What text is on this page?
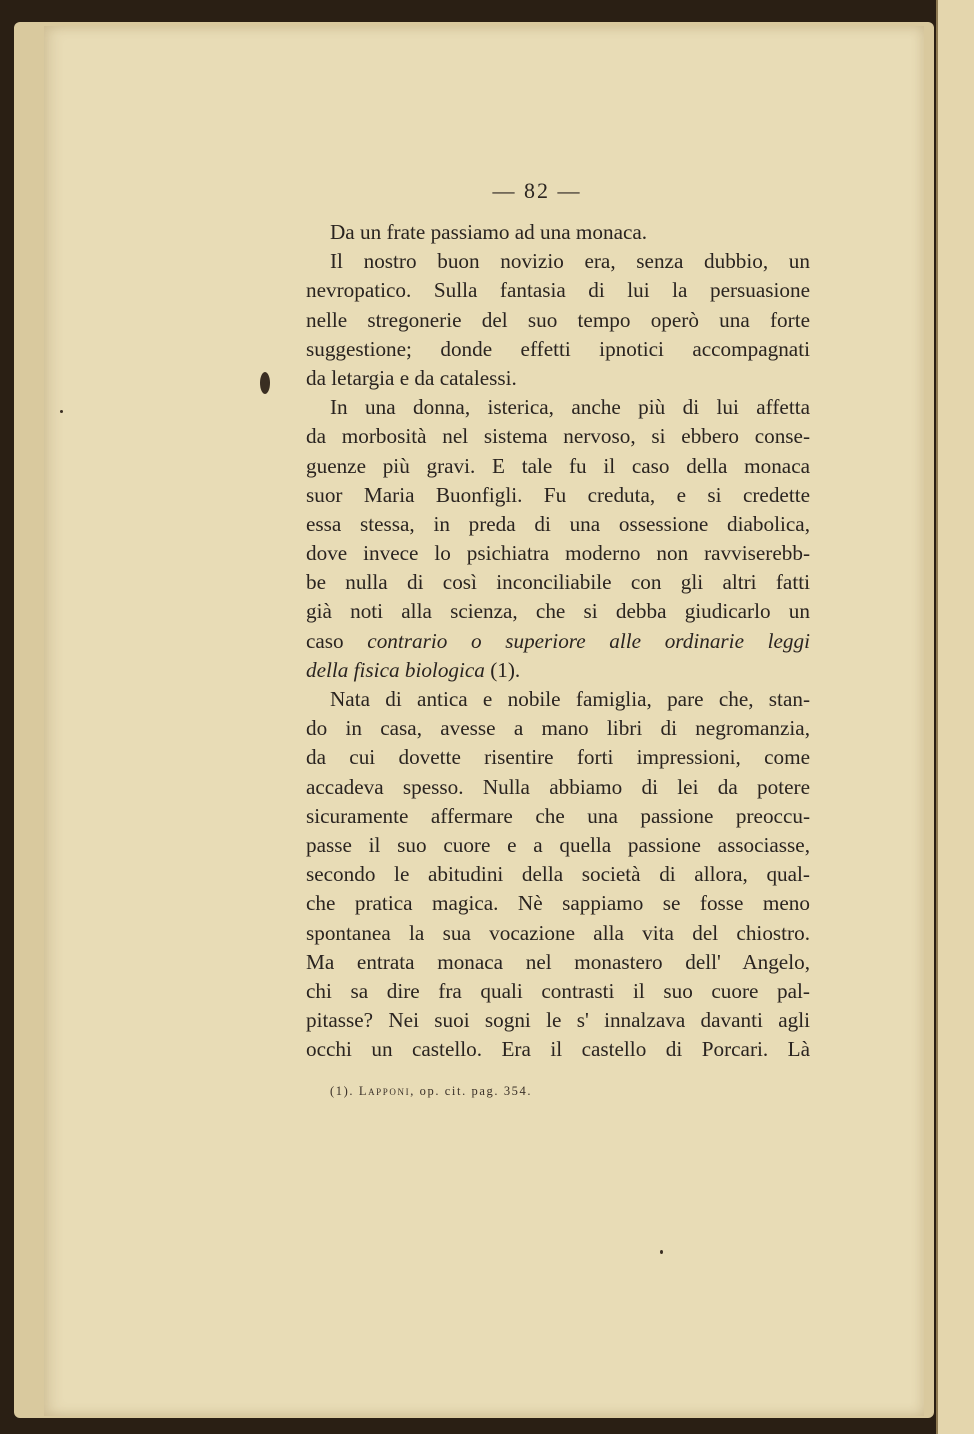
— 82 —
Da un frate passiamo ad una monaca.
Il nostro buon novizio era, senza dubbio, un
nevropatico. Sulla fantasia di lui la persuasione
nelle stregonerie del suo tempo operò una forte
suggestione; donde effetti ipnotici accompagnati
da letargia e da catalessi.
In una donna, isterica, anche più di lui affetta
da morbosità nel sistema nervoso, si ebbero conse-
guenze più gravi. E tale fu il caso della monaca
suor Maria Buonfigli. Fu creduta, e si credette
essa stessa, in preda di una ossessione diabolica,
dove invece lo psichiatra moderno non ravviserebb-
be nulla di così inconciliabile con gli altri fatti
già noti alla scienza, che si debba giudicarlo un
caso contrario o superiore alle ordinarie leggi
della fisica biologica (1).
Nata di antica e nobile famiglia, pare che, stan-
do in casa, avesse a mano libri di negromanzia,
da cui dovette risentire forti impressioni, come
accadeva spesso. Nulla abbiamo di lei da potere
sicuramente affermare che una passione preoccu-
passe il suo cuore e a quella passione associasse,
secondo le abitudini della società di allora, qual-
che pratica magica. Nè sappiamo se fosse meno
spontanea la sua vocazione alla vita del chiostro.
Ma entrata monaca nel monastero dell' Angelo,
chi sa dire fra quali contrasti il suo cuore pal-
pitasse? Nei suoi sogni le s' innalzava davanti agli
occhi un castello. Era il castello di Porcari. Là
(1). Lapponi, op. cit. pag. 354.
